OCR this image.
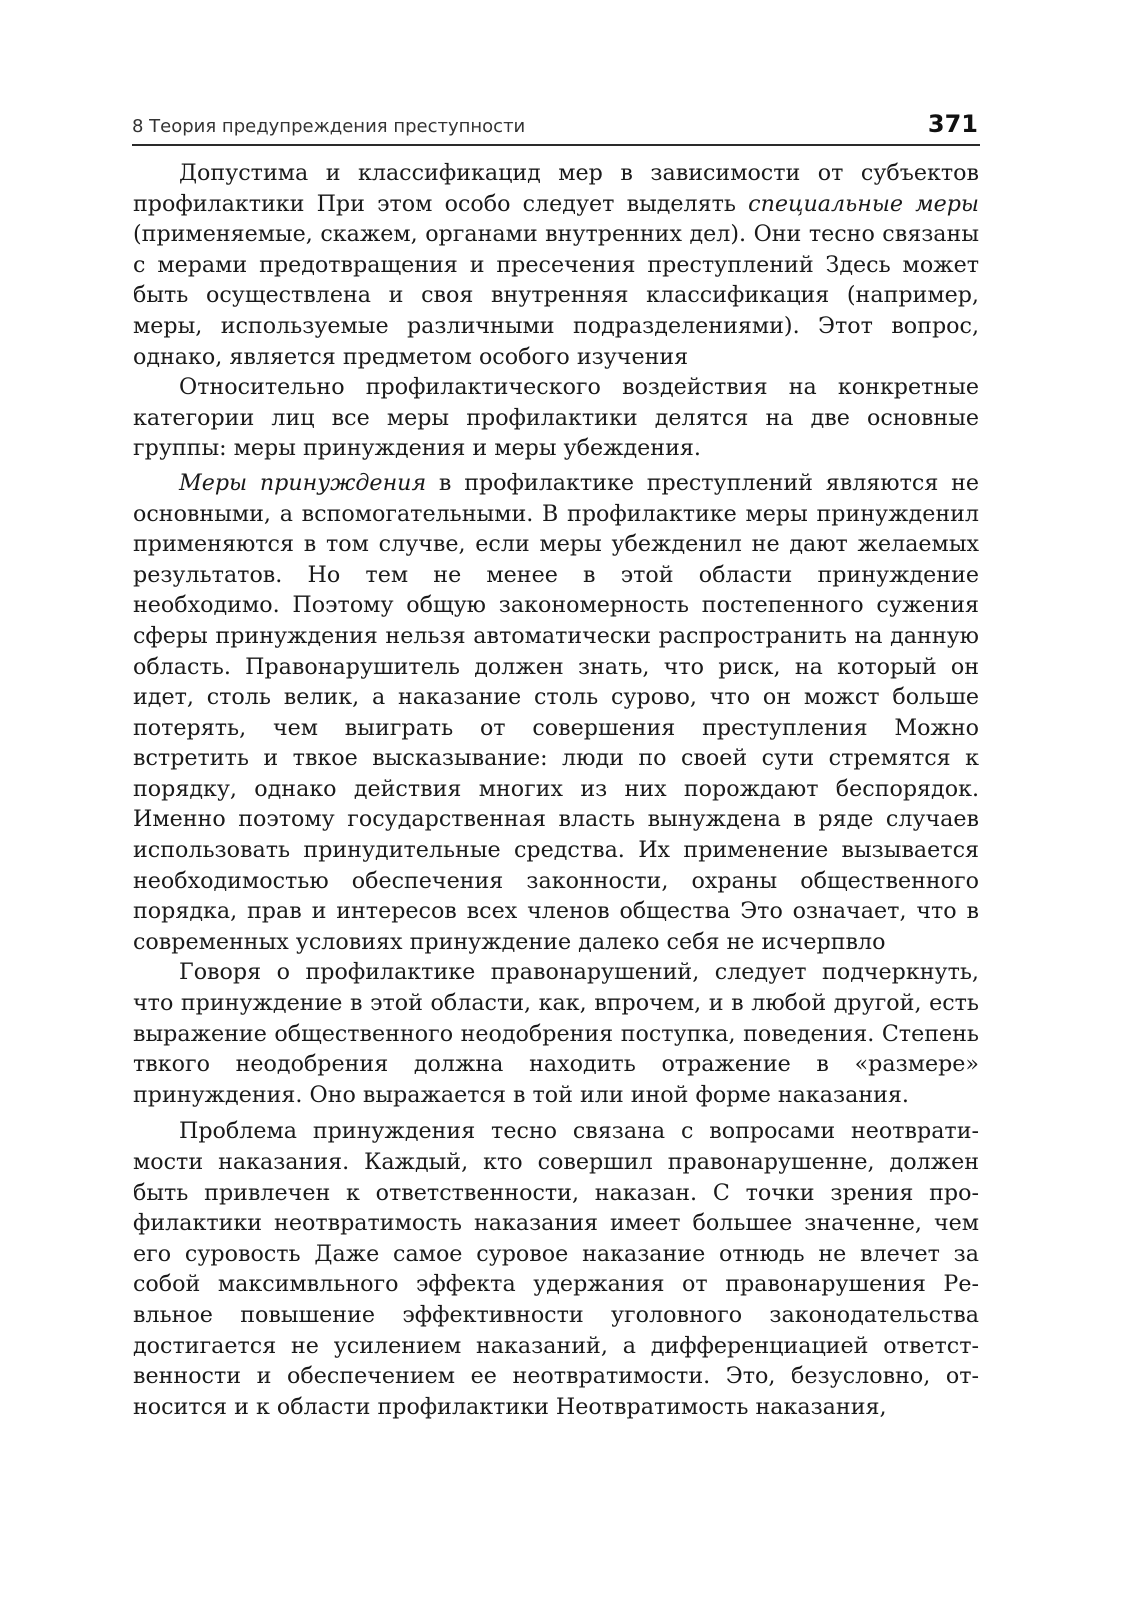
8 Теория предупреждения преступности	371

Допустима и классификацид мер в зависимости от субъектов профилактики При этом особо следует выделять специальные меры (применяемые, скажем, органами внутренних дел). Они тесно связаны с мерами предотвращения и пресечения преступлений Здесь может быть осуществлена и своя внутренняя классификация (например, меры, используемые различными подразделениями). Этот вопрос, однако, является предметом особого изучения

Относительно профилактического воздействия на конкретные категории лиц все меры профилактики делятся на две основные группы: меры принуждения и меры убеждения.

Меры принуждения в профилактике преступлений являются не основными, а вспомогательными. В профилактике меры принужденил применяются в том случве, если меры убежденил не дают желаемых результатов. Но тем не менее в этой области принуждение необходимо. Поэтому общую закономерность постепенного сужения сферы принуждения нельзя автоматически распространить на данную область. Правонарушитель должен знать, что риск, на который он идет, столь велик, а наказание столь сурово, что он можст больше потерять, чем выиграть от совершения преступления Можно встретить и твкое высказывание: люди по своей сути стремятся к порядку, однако действия многих из них порождают беспорядок. Именно поэтому государственная власть вынуждена в ряде случаев использовать принудительные средства. Их применение вызывается необходимостью обеспечения законности, охраны общественного порядка, прав и интересов всех членов общества Это означает, что в современных условиях принуждение далеко себя не исчерпвло

Говоря о профилактике правонарушений, следует подчеркнуть, что принуждение в этой области, как, впрочем, и в любой другой, есть выражение общественного неодобрения поступка, поведения. Степень твкого неодобрения должна находить отражение в «размере» принуждения. Оно выражается в той или иной форме наказания.

Проблема принуждения тесно связана с вопросами неотвратимости наказания. Каждый, кто совершил правонарушенне, должен быть привлечен к ответственности, наказан. С точки зрения профилактики неотвратимость наказания имеет большее значенне, чем его суровость Даже самое суровое наказание отнюдь не влечет за собой максимвльного эффекта удержания от правонарушения Ревльное повышение эффективности уголовного законодательства достигается не усилением наказаний, а дифференциацией ответственности и обеспечением ее неотвратимости. Это, безусловно, относится и к области профилактики Неотвратимость наказания,
